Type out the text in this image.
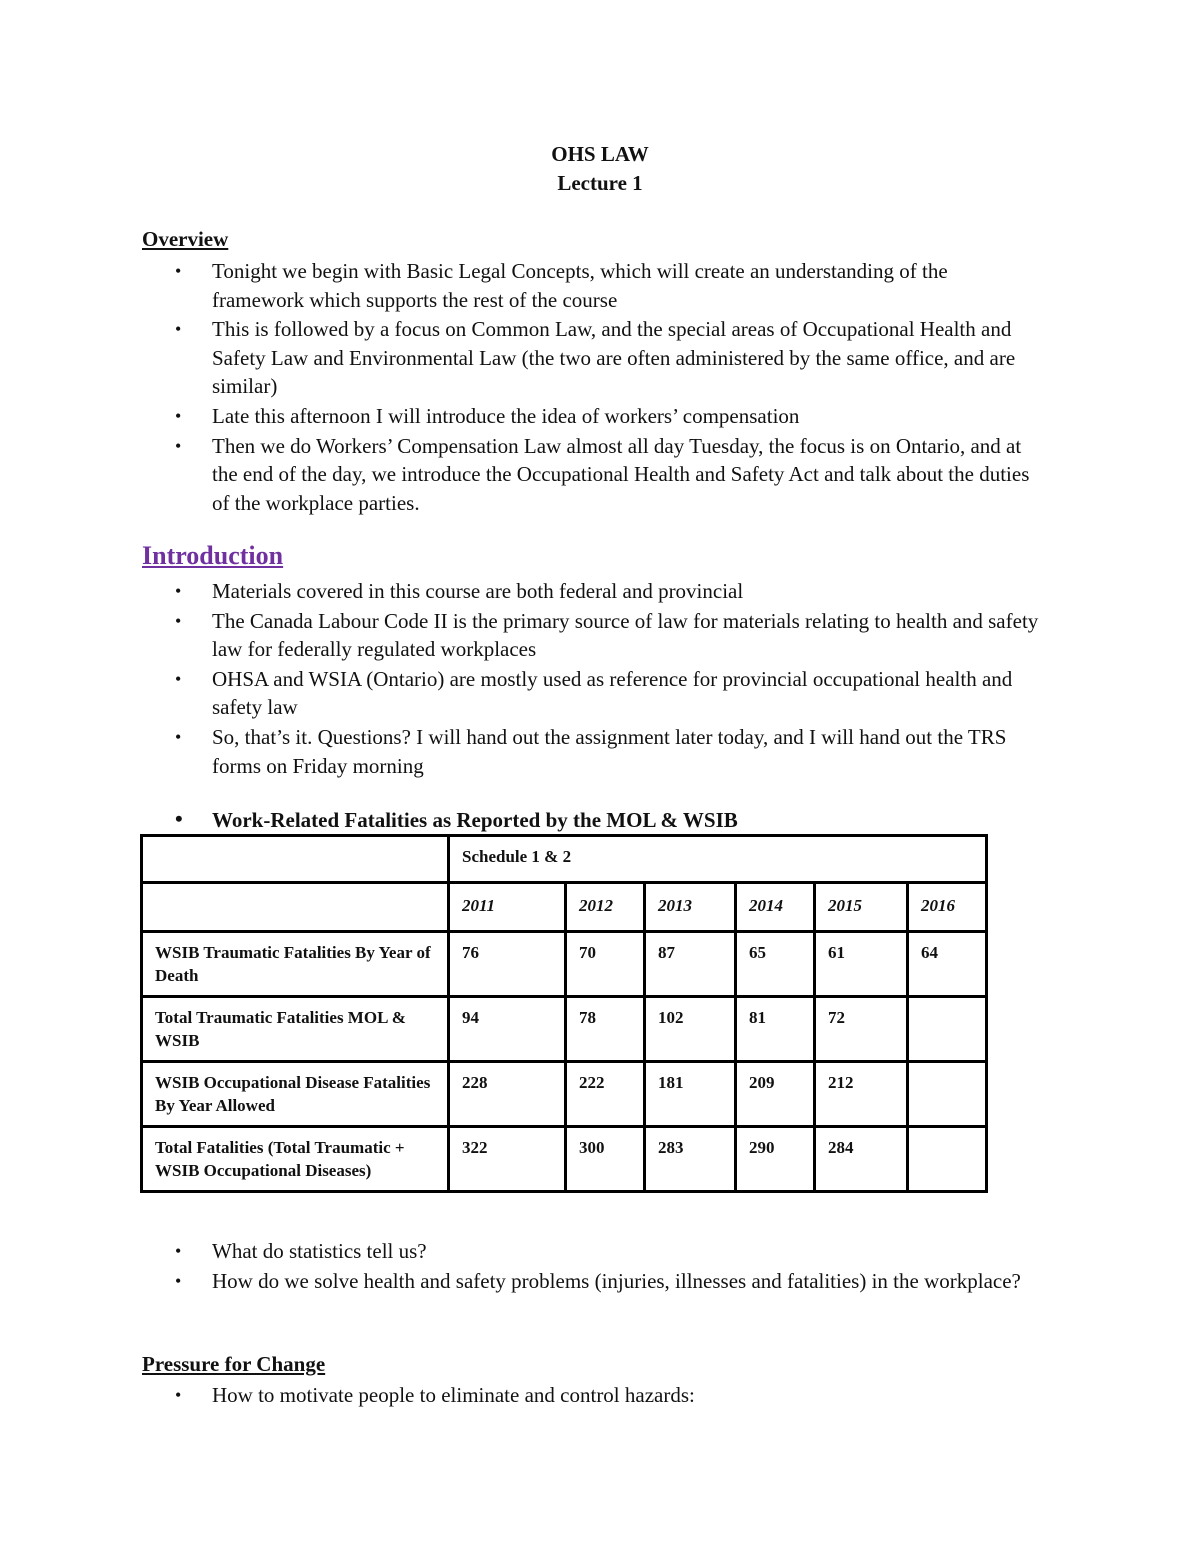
OHS LAW
Lecture 1
Overview
• Tonight we begin with Basic Legal Concepts, which will create an understanding of the framework which supports the rest of the course
• This is followed by a focus on Common Law, and the special areas of Occupational Health and Safety Law and Environmental Law (the two are often administered by the same office, and are similar)
• Late this afternoon I will introduce the idea of workers’ compensation
• Then we do Workers’ Compensation Law almost all day Tuesday, the focus is on Ontario, and at the end of the day, we introduce the Occupational Health and Safety Act and talk about the duties of the workplace parties.
Introduction
• Materials covered in this course are both federal and provincial
• The Canada Labour Code II is the primary source of law for materials relating to health and safety law for federally regulated workplaces
• OHSA and WSIA (Ontario) are mostly used as reference for provincial occupational health and safety law
• So, that’s it. Questions? I will hand out the assignment later today, and I will hand out the TRS forms on Friday morning
• Work-Related Fatalities as Reported by the MOL & WSIB
	Schedule 1 & 2					
	2011	2012	2013	2014	2015	2016
WSIB Traumatic Fatalities By Year of Death	76	70	87	65	61	64
Total Traumatic Fatalities MOL & WSIB	94	78	102	81	72	
WSIB Occupational Disease Fatalities By Year Allowed	228	222	181	209	212	
Total Fatalities (Total Traumatic + WSIB Occupational Diseases)	322	300	283	290	284	
• What do statistics tell us?
• How do we solve health and safety problems (injuries, illnesses and fatalities) in the workplace?
Pressure for Change
• How to motivate people to eliminate and control hazards:
